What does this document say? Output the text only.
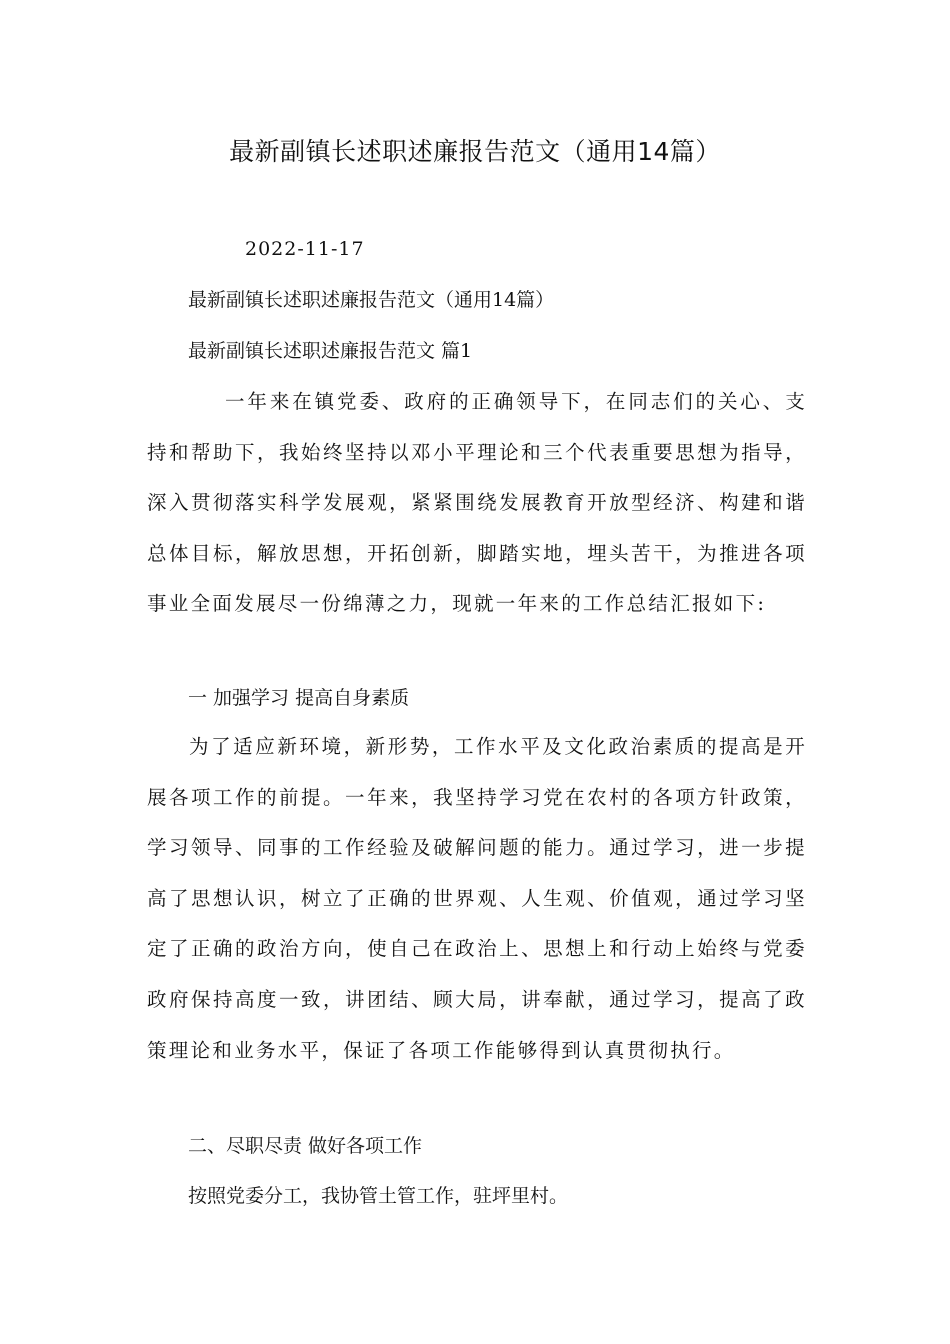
最新副镇长述职述廉报告范文（通用14篇）

2022-11-17

最新副镇长述职述廉报告范文（通用14篇）

最新副镇长述职述廉报告范文 篇1

一年来在镇党委、政府的正确领导下，在同志们的关心、支持和帮助下，我始终坚持以邓小平理论和三个代表重要思想为指导，深入贯彻落实科学发展观，紧紧围绕发展教育开放型经济、构建和谐总体目标，解放思想，开拓创新，脚踏实地，埋头苦干，为推进各项事业全面发展尽一份绵薄之力，现就一年来的工作总结汇报如下:

一 加强学习 提高自身素质

为了适应新环境，新形势，工作水平及文化政治素质的提高是开展各项工作的前提。一年来，我坚持学习党在农村的各项方针政策，学习领导、同事的工作经验及破解问题的能力。通过学习，进一步提高了思想认识，树立了正确的世界观、人生观、价值观，通过学习坚定了正确的政治方向，使自己在政治上、思想上和行动上始终与党委政府保持高度一致，讲团结、顾大局，讲奉献，通过学习，提高了政策理论和业务水平，保证了各项工作能够得到认真贯彻执行。

二、尽职尽责 做好各项工作

按照党委分工，我协管土管工作，驻坪里村。
